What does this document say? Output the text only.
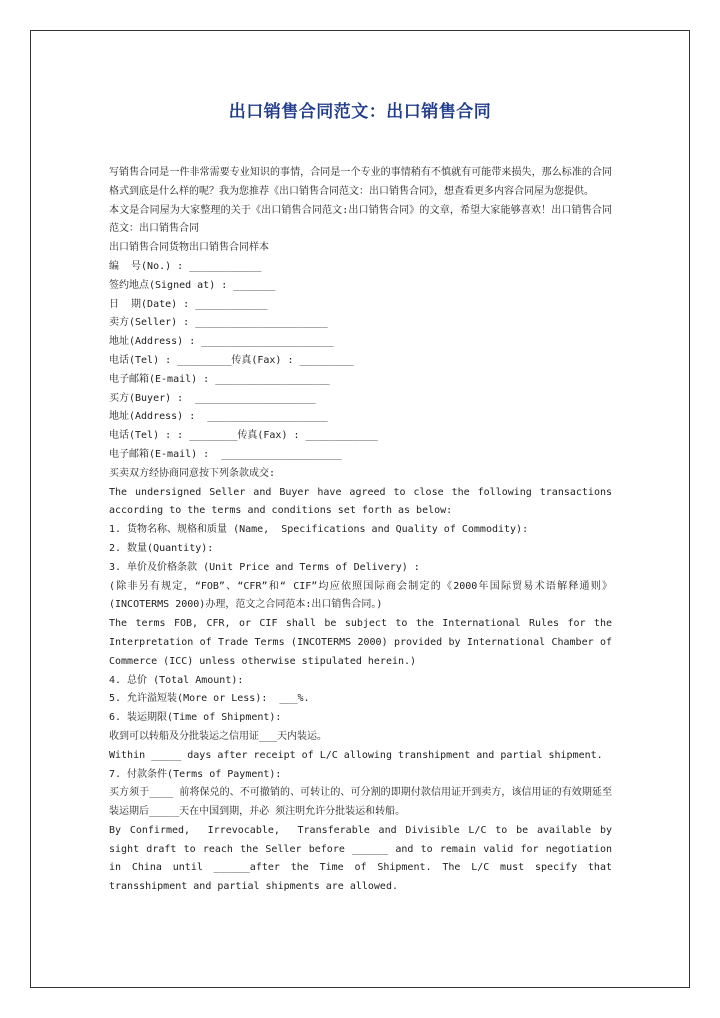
出口销售合同范文：出口销售合同

写销售合同是一件非常需要专业知识的事情，合同是一个专业的事情稍有不慎就有可能带来损失，那么标准的合同格式到底是什么样的呢？我为您推荐《出口销售合同范文：出口销售合同》，想查看更多内容合同屋为您提供。

本文是合同屋为大家整理的关于《出口销售合同范文:出口销售合同》的文章，希望大家能够喜欢！出口销售合同范文：出口销售合同

出口销售合同货物出口销售合同样本

编  号(No.) : ____________

签约地点(Signed at) : _______

日  期(Date) : ____________

卖方(Seller) : ______________________

地址(Address) : ______________________

电话(Tel) : _________传真(Fax) : _________

电子邮箱(E-mail) : ___________________

买方(Buyer) :  ____________________

地址(Address) :  ____________________

电话(Tel) : : ________传真(Fax) : ____________

电子邮箱(E-mail) :  ____________________

买卖双方经协商同意按下列条款成交:

The undersigned Seller and Buyer have agreed to close the following transactions according to the terms and conditions set forth as below:

1. 货物名称、规格和质量 (Name,  Specifications and Quality of Commodity):

2. 数量(Quantity):

3. 单价及价格条款 (Unit Price and Terms of Delivery) :

(除非另有规定，“FOB”、“CFR”和“ CIF”均应依照国际商会制定的《2000年国际贸易术语解释通则》(INCOTERMS 2000)办理，范文之合同范本:出口销售合同。)

The terms FOB, CFR, or CIF shall be subject to the International Rules for the Interpretation of Trade Terms (INCOTERMS 2000) provided by International Chamber of Commerce (ICC) unless otherwise stipulated herein.)

4. 总价 (Total Amount):

5. 允许溢短装(More or Less):  ___%.

6. 装运期限(Time of Shipment):

收到可以转船及分批装运之信用证___天内装运。

Within _____ days after receipt of L/C allowing transhipment and partial shipment.

7. 付款条件(Terms of Payment):

买方须于____ 前将保兑的、不可撤销的、可转让的、可分割的即期付款信用证开到卖方，该信用证的有效期延至装运期后_____天在中国到期，并必 须注明允许分批装运和转船。

By Confirmed,  Irrevocable,  Transferable and Divisible L/C to be available by sight draft to reach the Seller before ______ and to remain valid for negotiation in China until ______after the Time of Shipment. The L/C must specify that transshipment and partial shipments are allowed.
